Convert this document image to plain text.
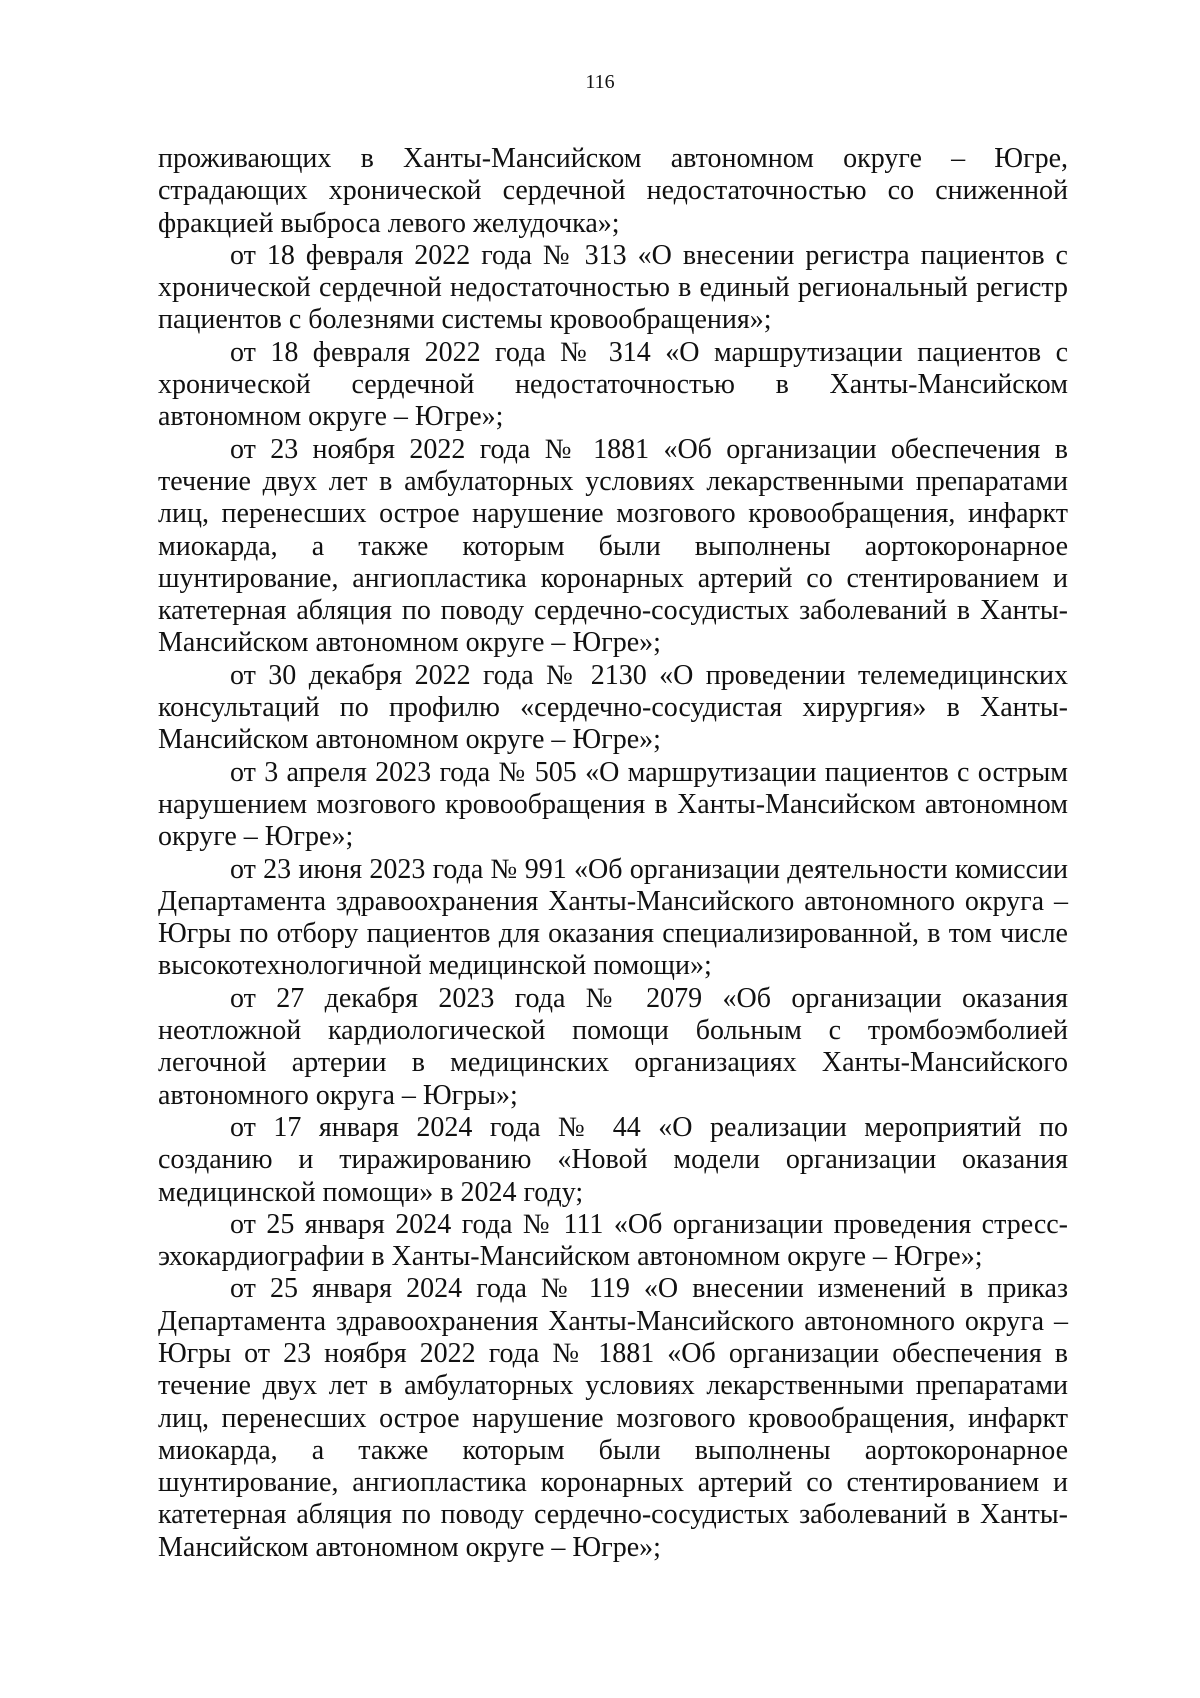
116

проживающих в Ханты-Мансийском автономном округе – Югре, страдающих хронической сердечной недостаточностью со сниженной фракцией выброса левого желудочка»;

от 18 февраля 2022 года № 313 «О внесении регистра пациентов с хронической сердечной недостаточностью в единый региональный регистр пациентов с болезнями системы кровообращения»;

от 18 февраля 2022 года № 314 «О маршрутизации пациентов с хронической сердечной недостаточностью в Ханты-Мансийском автономном округе – Югре»;

от 23 ноября 2022 года № 1881 «Об организации обеспечения в течение двух лет в амбулаторных условиях лекарственными препаратами лиц, перенесших острое нарушение мозгового кровообращения, инфаркт миокарда, а также которым были выполнены аортокоронарное шунтирование, ангиопластика коронарных артерий со стентированием и катетерная абляция по поводу сердечно-сосудистых заболеваний в Ханты-Мансийском автономном округе – Югре»;

от 30 декабря 2022 года № 2130 «О проведении телемедицинских консультаций по профилю «сердечно-сосудистая хирургия» в Ханты-Мансийском автономном округе – Югре»;

от 3 апреля 2023 года № 505 «О маршрутизации пациентов с острым нарушением мозгового кровообращения в Ханты-Мансийском автономном округе – Югре»;

от 23 июня 2023 года № 991 «Об организации деятельности комиссии Департамента здравоохранения Ханты-Мансийского автономного округа – Югры по отбору пациентов для оказания специализированной, в том числе высокотехнологичной медицинской помощи»;

от 27 декабря 2023 года № 2079 «Об организации оказания неотложной кардиологической помощи больным с тромбоэмболией легочной артерии в медицинских организациях Ханты-Мансийского автономного округа – Югры»;

от 17 января 2024 года № 44 «О реализации мероприятий по созданию и тиражированию «Новой модели организации оказания медицинской помощи» в 2024 году;

от 25 января 2024 года № 111 «Об организации проведения стресс-эхокардиографии в Ханты-Мансийском автономном округе – Югре»;

от 25 января 2024 года № 119 «О внесении изменений в приказ Департамента здравоохранения Ханты-Мансийского автономного округа – Югры от 23 ноября 2022 года № 1881 «Об организации обеспечения в течение двух лет в амбулаторных условиях лекарственными препаратами лиц, перенесших острое нарушение мозгового кровообращения, инфаркт миокарда, а также которым были выполнены аортокоронарное шунтирование, ангиопластика коронарных артерий со стентированием и катетерная абляция по поводу сердечно-сосудистых заболеваний в Ханты-Мансийском автономном округе – Югре»;
